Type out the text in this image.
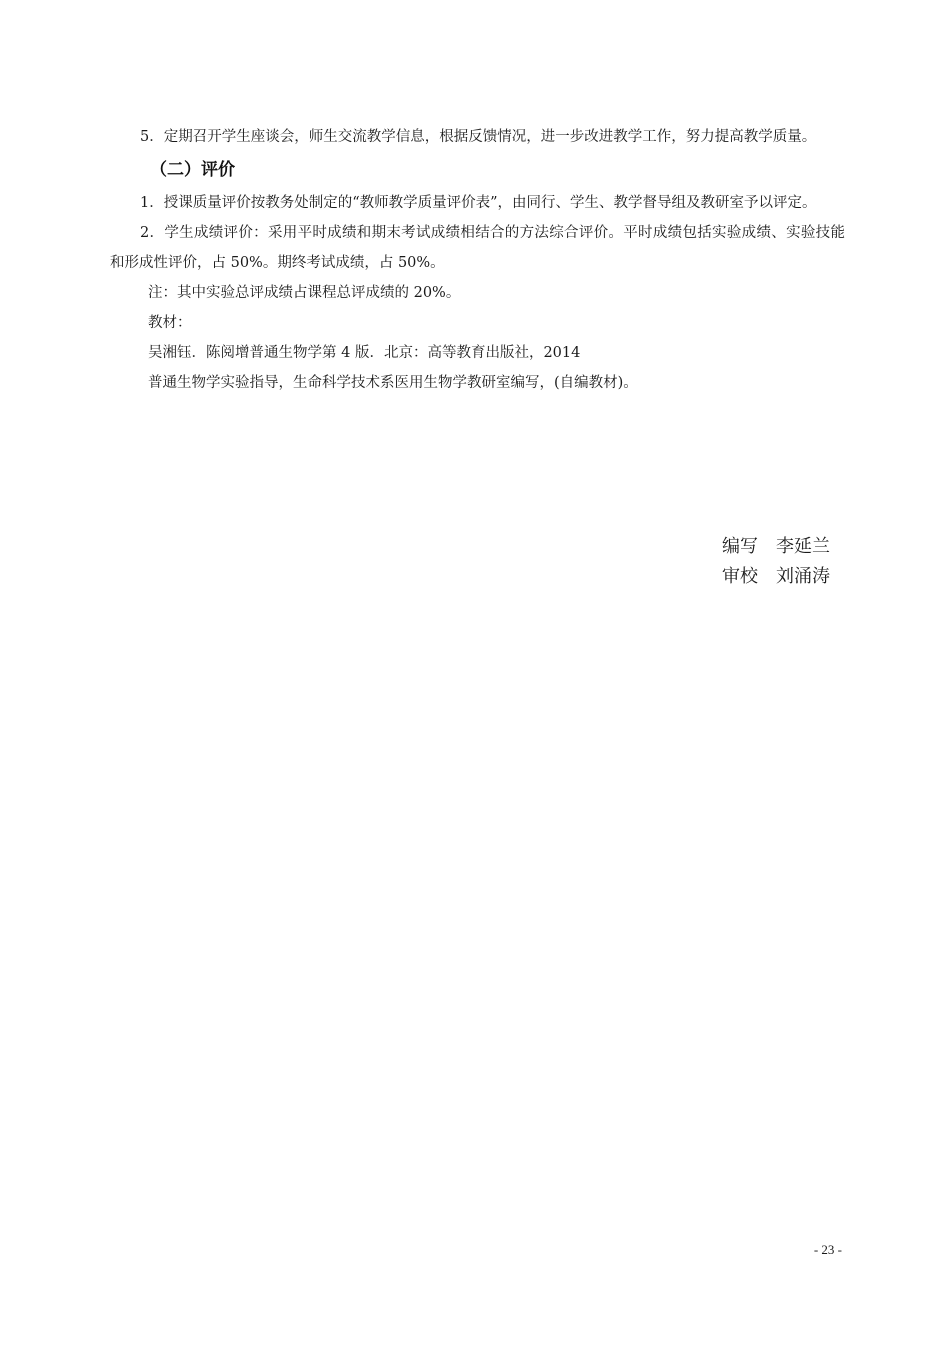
5．定期召开学生座谈会，师生交流教学信息，根据反馈情况，进一步改进教学工作，努力提高教学质量。

（二）评价

1．授课质量评价按教务处制定的“教师教学质量评价表”，由同行、学生、教学督导组及教研室予以评定。

2．学生成绩评价：采用平时成绩和期末考试成绩相结合的方法综合评价。平时成绩包括实验成绩、实验技能和形成性评价，占 50%。期终考试成绩，占 50%。

注：其中实验总评成绩占课程总评成绩的 20%。

教材：

吴湘钰．陈阅增普通生物学第 4 版．北京：高等教育出版社，2014

普通生物学实验指导，生命科学技术系医用生物学教研室编写，(自编教材)。

编写 李延兰
审校 刘涌涛
- 23 -
